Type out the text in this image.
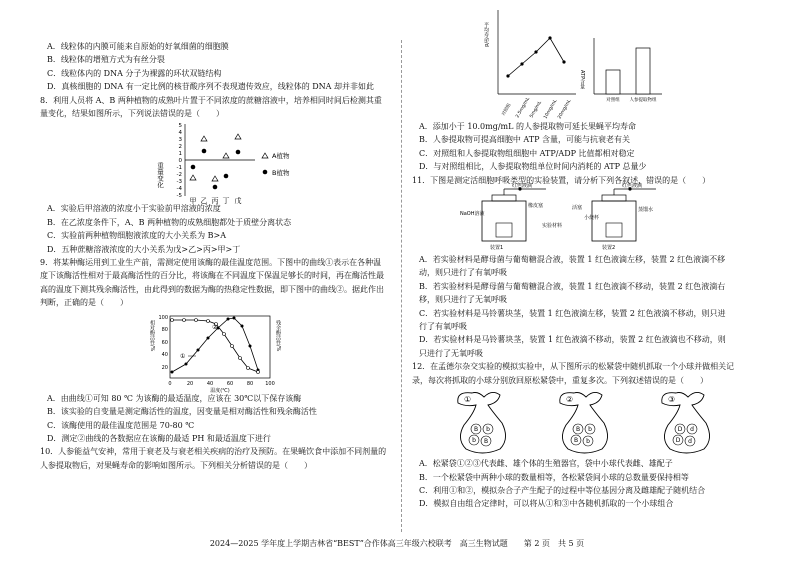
A．线粒体的内膜可能来自原始的好氧细菌的细胞膜
B．线粒体的增殖方式为有丝分裂
C．线粒体内的 DNA 分子为裸露的环状双链结构
D．真核细胞的 DNA 有一定比例的核苷酸序列不表现遗传效应，线粒体的 DNA 却并非如此
8．利用人员将 A、B 两种植物的成熟叶片置于不同浓度的蔗糖溶液中，培养相同时间后检测其重
量变化，结果如图所示，下列说法错误的是（　　）
重量变化
5
4
3
2
1
0
-1
-2
-3
-4
-5
甲 乙 丙 丁 戊
A植物
B植物
A．实验后甲溶液的浓度小于实验前甲溶液的浓度
B．在乙浓度条件下，A、B 两种植物的成熟细胞都处于质壁分离状态
C．实验前两种植物细胞液浓度的大小关系为 B>A
D．五种蔗糖溶液浓度的大小关系为戊>乙>丙>甲>丁
9．将某种酶运用到工业生产前，需测定使用该酶的最佳温度范围。下图中的曲线①表示在各种温
度下该酶活性相对于最高酶活性的百分比，将该酶在不同温度下保温足够长的时间，再在酶活性最
高的温度下测其残余酶活性，由此得到的数据为酶的热稳定性数据，即下图中的曲线②。据此作出
判断，正确的是（　　）
相对酶活性/%	残余酶活性/%
100
80
60
40
20
0	20	40	60	80 100
温度(℃)
②
①
A．由曲线①可知 80 ℃ 为该酶的最适温度，应该在 30℃以下保存该酶
B．该实验的自变量是测定酶活性的温度，因变量是相对酶活性和残余酶活性
C．该酶使用的最佳温度范围是 70-80 ℃
D．测定②曲线的各数据应在该酶的最适 PH 和最适温度下进行
10．人参能益气安神，常用于衰老及与衰老相关疾病的治疗及预防。在果蝇饮食中添加不同剂量的
人参提取物后，对果蝇寿命的影响如图所示。下列相关分析错误的是（　　）
平均寿命/d
对照组 2.5mg/mL
5mg/mL 10mg/mL
20mg/mL
ATP含量
对照组 人参提取物组
A．添加小于 10.0mg/mL 的人参提取物可延长果蝇平均寿命
B．人参提取物可提高细胞中 ATP 含量，可能与抗衰老有关
C．对照组和人参提取物组细胞中 ATP/ADP 比值都相对稳定
D．与对照组相比，人参提取物组单位时间内消耗的 ATP 总量少
11．下图是测定活细胞呼吸类型的实验装置，请分析下列各叙述，错误的是（　　）
红色液滴
NaOH溶液
橡皮塞
装置1
红色液滴
蒸馏水
活塞
小烧杯
实验材料
装置2
A．若实验材料是酵母菌与葡萄糖混合液，装置 1 红色液滴左移，装置 2 红色液滴不移
动，则只进行了有氧呼吸
B．若实验材料是酵母菌与葡萄糖混合液，装置 1 红色液滴不移动，装置 2 红色液滴右
移，则只进行了无氧呼吸
C．若实验材料是马铃薯块茎，装置 1 红色液滴左移，装置 2 红色液滴不移动，则只进
行了有氧呼吸
D．若实验材料是马铃薯块茎，装置 1 红色液滴不移动，装置 2 红色液滴也不移动，则
只进行了无氧呼吸
12．在孟德尔杂交实验的模拟实验中，从下图所示的松紧袋中随机抓取一个小球并做相关记
录，每次将抓取的小球分别放回原松紧袋中，重复多次。下列叙述错误的是（　　）
①
B b
b B
②
B b
B b
③
D d
D d
A．松紧袋①②③代表雌、雄个体的生殖器官，袋中小球代表雌、雄配子
B．一个松紧袋中两种小球的数量相等，各松紧袋间小球的总数量要保持相等
C．利用①和②，模拟杂合子产生配子的过程中等位基因分离及雌雄配子随机结合
D．模拟自由组合定律时，可以将从①和③中各随机抓取的一个小球组合
2024—2025 学年度上学期吉林省“BEST”合作体高三年级六校联考　高三生物试题　　第 2 页　共 5 页
